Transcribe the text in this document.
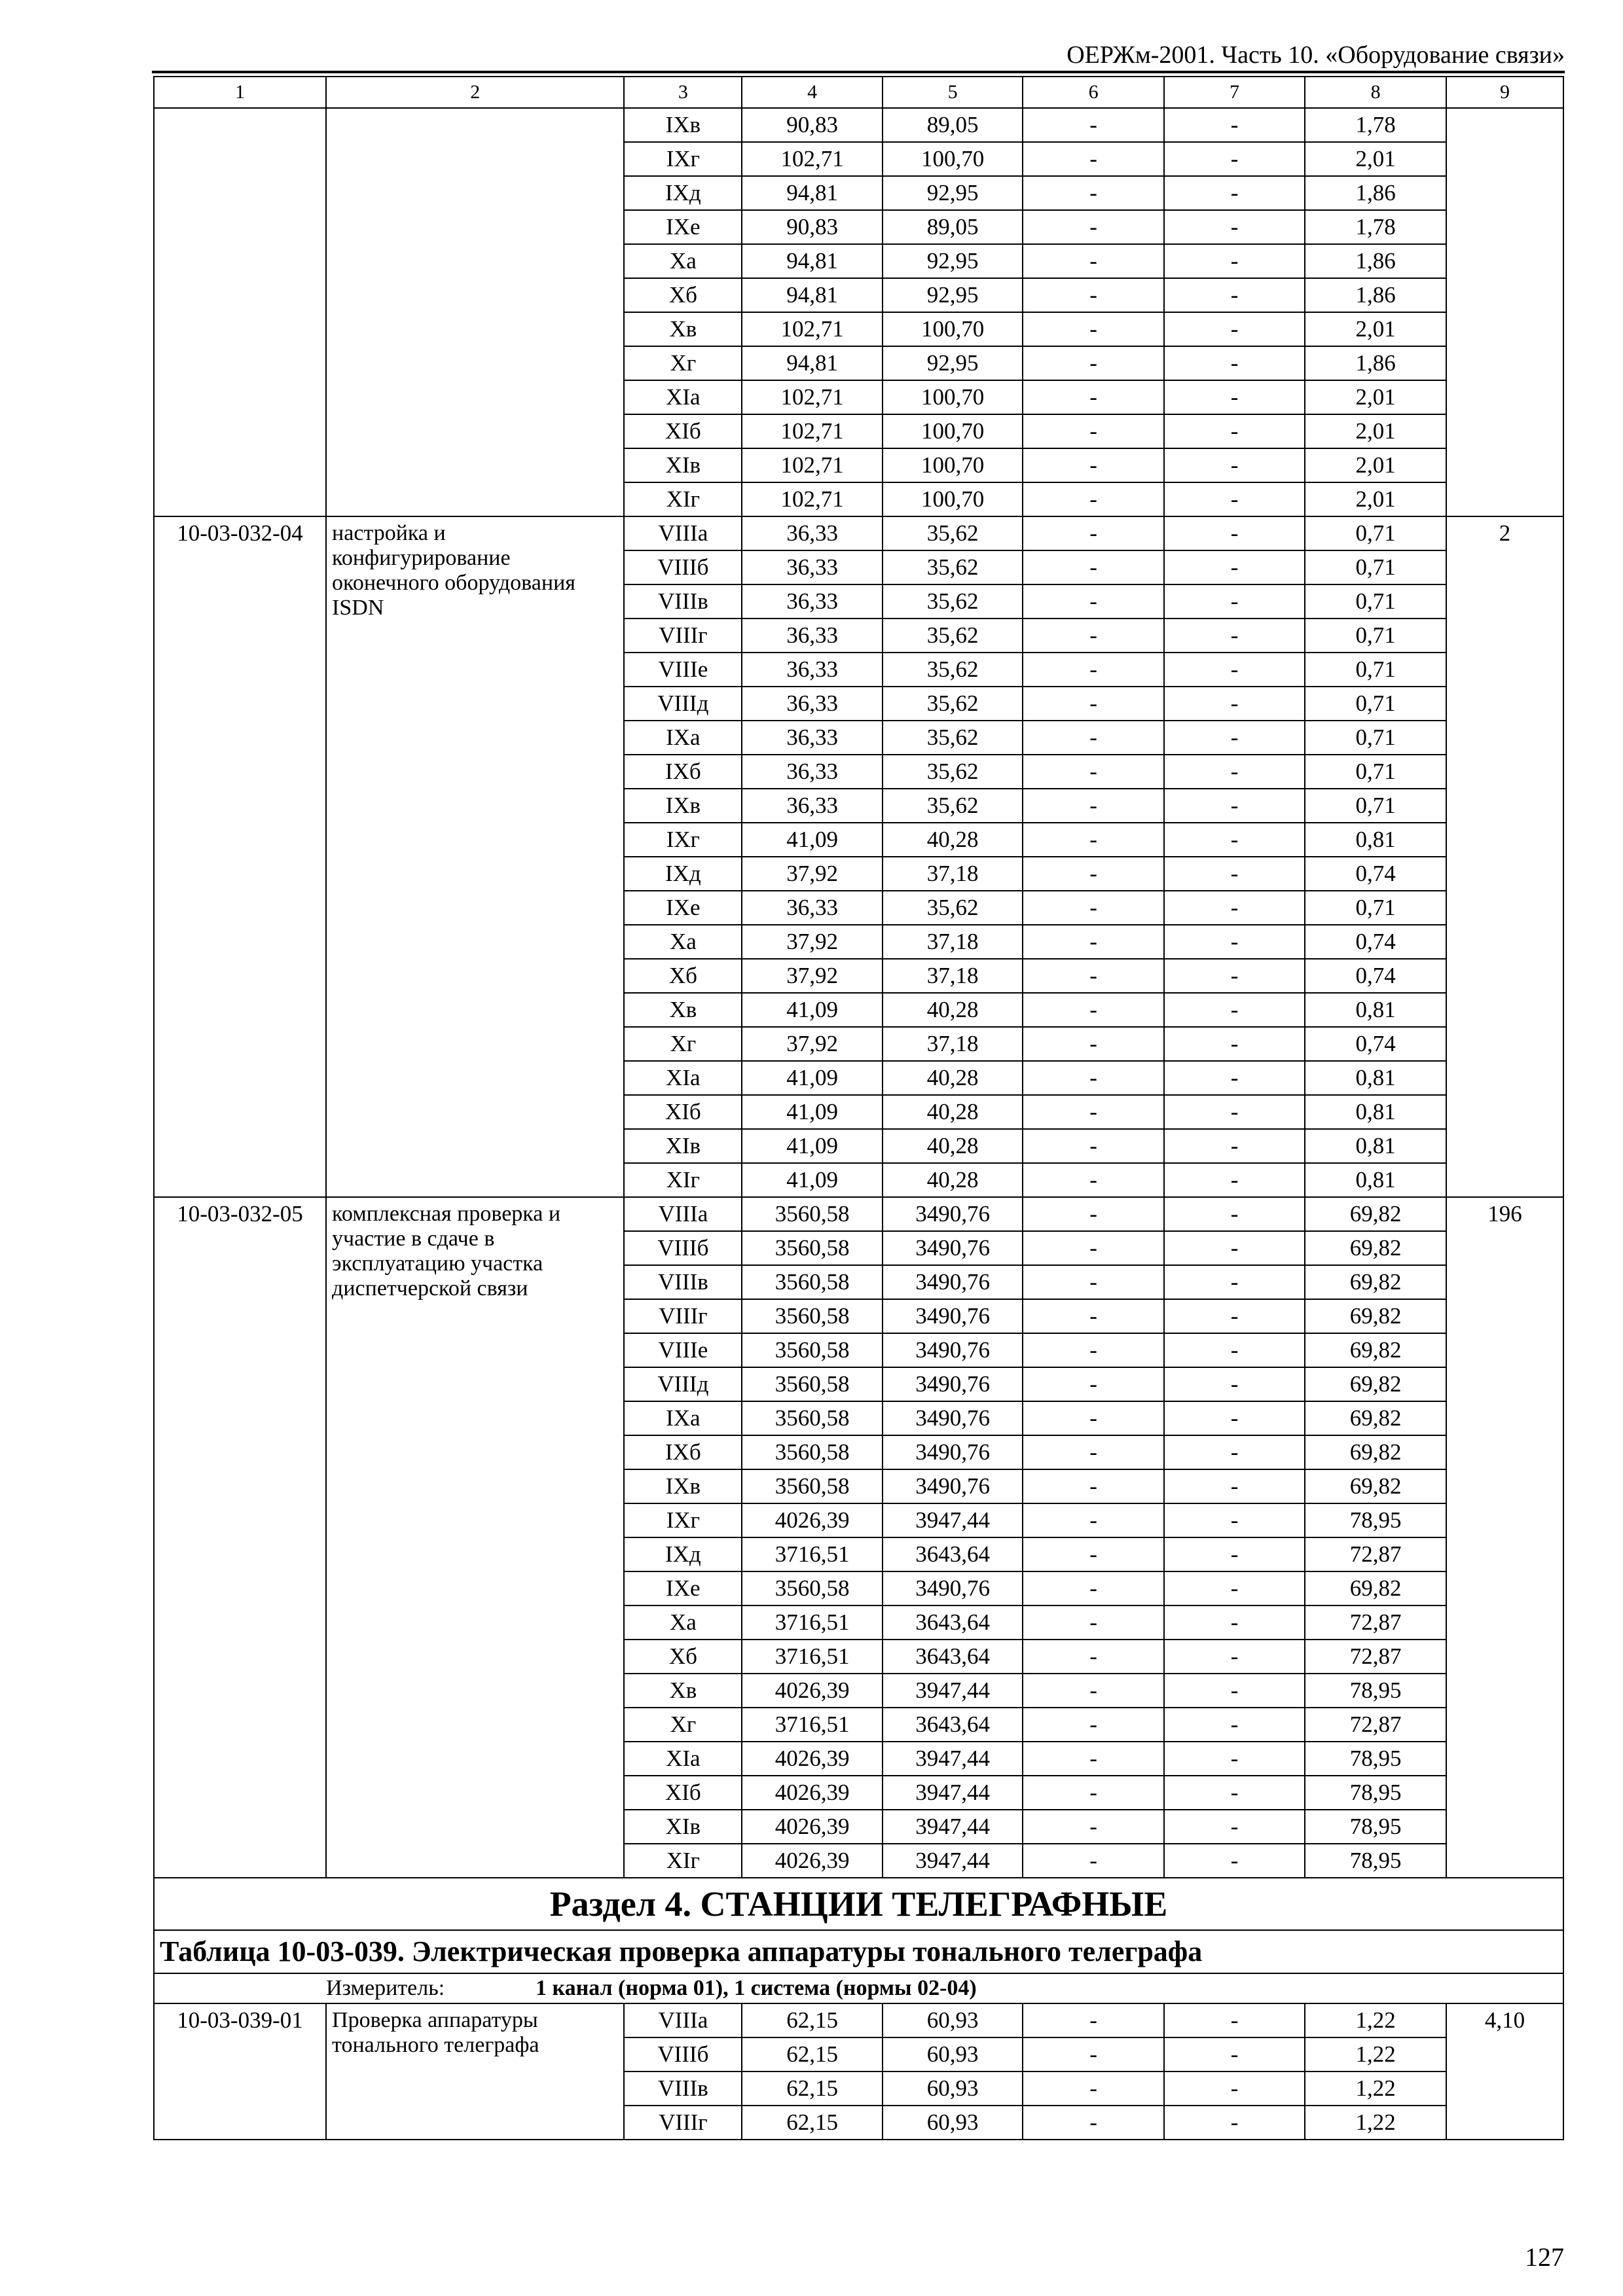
ОЕРЖм-2001. Часть 10. «Оборудование связи»
1	2	3	4	5	6	7	8	9
		IXв	90,83	89,05	-	-	1,78	
		IXг	102,71	100,70	-	-	2,01	
		IXд	94,81	92,95	-	-	1,86	
		IXе	90,83	89,05	-	-	1,78	
		Xа	94,81	92,95	-	-	1,86	
		Xб	94,81	92,95	-	-	1,86	
		Xв	102,71	100,70	-	-	2,01	
		Xг	94,81	92,95	-	-	1,86	
		XIа	102,71	100,70	-	-	2,01	
		XIб	102,71	100,70	-	-	2,01	
		XIв	102,71	100,70	-	-	2,01	
		XIг	102,71	100,70	-	-	2,01	
10-03-032-04	настройка и конфигурирование оконечного оборудования ISDN	VIIIа	36,33	35,62	-	-	0,71	2
		VIIIб	36,33	35,62	-	-	0,71	
		VIIIв	36,33	35,62	-	-	0,71	
		VIIIг	36,33	35,62	-	-	0,71	
		VIIIе	36,33	35,62	-	-	0,71	
		VIIIд	36,33	35,62	-	-	0,71	
		IXа	36,33	35,62	-	-	0,71	
		IXб	36,33	35,62	-	-	0,71	
		IXв	36,33	35,62	-	-	0,71	
		IXг	41,09	40,28	-	-	0,81	
		IXд	37,92	37,18	-	-	0,74	
		IXе	36,33	35,62	-	-	0,71	
		Xа	37,92	37,18	-	-	0,74	
		Xб	37,92	37,18	-	-	0,74	
		Xв	41,09	40,28	-	-	0,81	
		Xг	37,92	37,18	-	-	0,74	
		XIа	41,09	40,28	-	-	0,81	
		XIб	41,09	40,28	-	-	0,81	
		XIв	41,09	40,28	-	-	0,81	
		XIг	41,09	40,28	-	-	0,81	
10-03-032-05	комплексная проверка и участие в сдаче в эксплуатацию участка диспетчерской связи	VIIIа	3560,58	3490,76	-	-	69,82	196
		VIIIб	3560,58	3490,76	-	-	69,82	
		VIIIв	3560,58	3490,76	-	-	69,82	
		VIIIг	3560,58	3490,76	-	-	69,82	
		VIIIе	3560,58	3490,76	-	-	69,82	
		VIIIд	3560,58	3490,76	-	-	69,82	
		IXа	3560,58	3490,76	-	-	69,82	
		IXб	3560,58	3490,76	-	-	69,82	
		IXв	3560,58	3490,76	-	-	69,82	
		IXг	4026,39	3947,44	-	-	78,95	
		IXд	3716,51	3643,64	-	-	72,87	
		IXе	3560,58	3490,76	-	-	69,82	
		Xа	3716,51	3643,64	-	-	72,87	
		Xб	3716,51	3643,64	-	-	72,87	
		Xв	4026,39	3947,44	-	-	78,95	
		Xг	3716,51	3643,64	-	-	72,87	
		XIа	4026,39	3947,44	-	-	78,95	
		XIб	4026,39	3947,44	-	-	78,95	
		XIв	4026,39	3947,44	-	-	78,95	
		XIг	4026,39	3947,44	-	-	78,95	
Раздел 4. СТАНЦИИ ТЕЛЕГРАФНЫЕ								
Таблица 10-03-039. Электрическая проверка аппаратуры тонального телеграфа								
Измеритель: 1 канал (норма 01), 1 система (нормы 02-04)								
10-03-039-01	Проверка аппаратуры тонального телеграфа	VIIIа	62,15	60,93	-	-	1,22	4,10
		VIIIб	62,15	60,93	-	-	1,22	
		VIIIв	62,15	60,93	-	-	1,22	
		VIIIг	62,15	60,93	-	-	1,22	
127
